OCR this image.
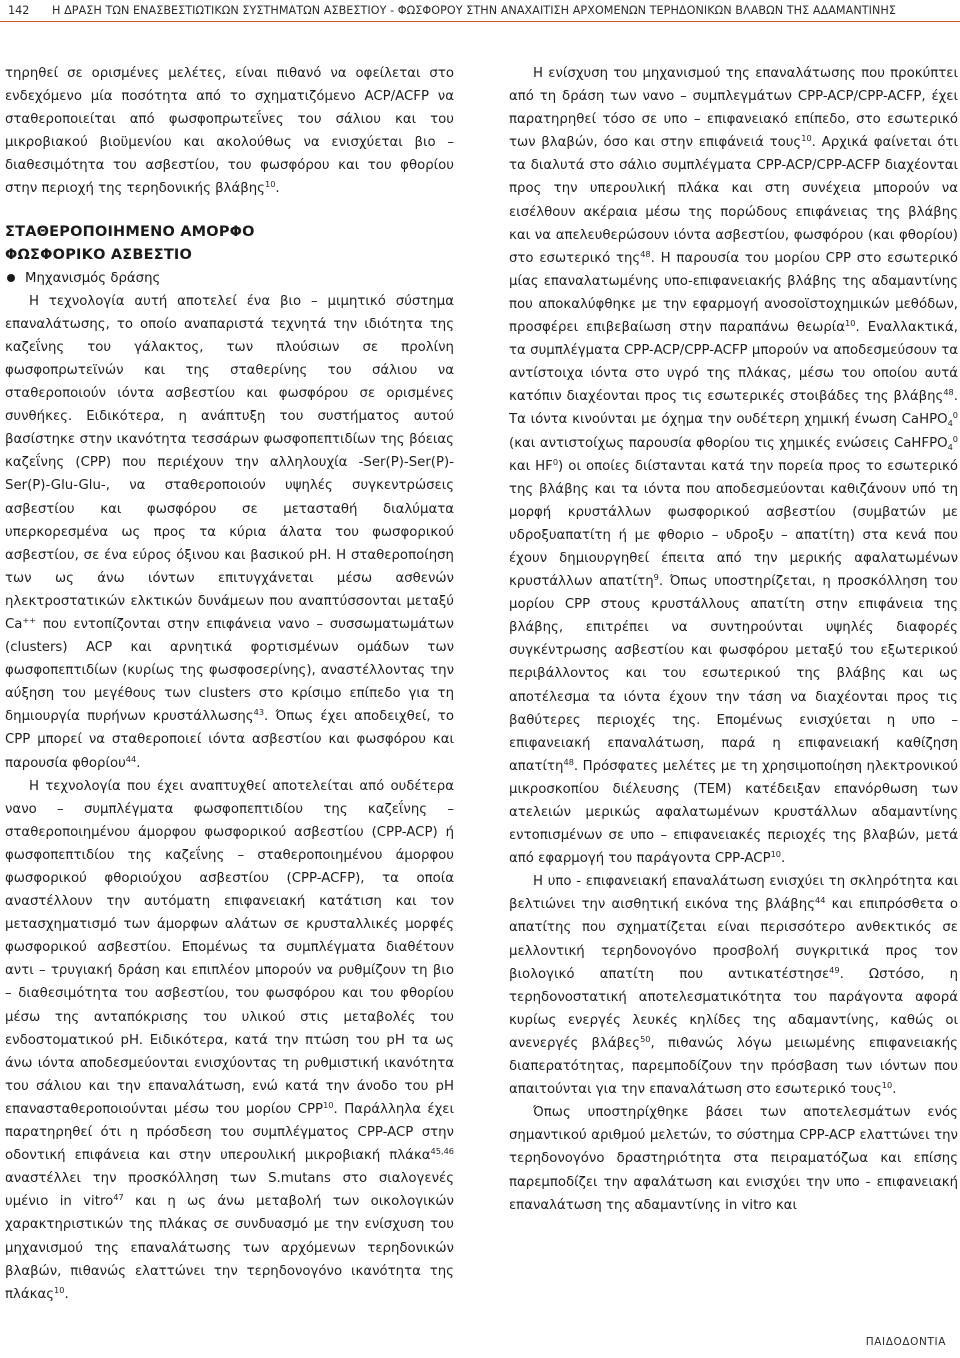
142	Η ΔΡΑΣΗ ΤΩΝ ΕΝΑΣΒΕΣΤΙΩΤΙΚΩΝ ΣΥΣΤΗΜΑΤΩΝ ΑΣΒΕΣΤΙΟΥ - ΦΩΣΦΟΡΟΥ ΣΤΗΝ ΑΝΑΧΑΙΤΙΣΗ ΑΡΧΟΜΕΝΩΝ ΤΕΡΗΔΟΝΙΚΩΝ ΒΛΑΒΩΝ ΤΗΣ ΑΔΑΜΑΝΤΙΝΗΣ

τηρηθεί σε ορισμένες μελέτες, είναι πιθανό να οφείλεται στο ενδεχόμενο μία ποσότητα από το σχηματιζόμενο ACP/ACFP να σταθεροποιείται από φωσφοπρωτεΐνες του σάλιου και του μικροβιακού βιοϋμενίου και ακολούθως να ενισχύεται βιο – διαθεσιμότητα του ασβεστίου, του φωσφόρου και του φθορίου στην περιοχή της τερηδονικής βλάβης$^{10}$.

ΣΤΑΘΕΡΟΠΟΙΗΜΕΝΟ ΑΜΟΡΦΟ
ΦΩΣΦΟΡΙΚΟ ΑΣΒΕΣΤΙΟ
Μηχανισμός δράσης

Η τεχνολογία αυτή αποτελεί ένα βιο – μιμητικό σύστημα επαναλάτωσης, το οποίο αναπαριστά τεχνητά την ιδιότητα της καζεΐνης του γάλακτος, των πλούσιων σε προλίνη φωσφοπρωτεϊνών και της σταθερίνης του σάλιου να σταθεροποιούν ιόντα ασβεστίου και φωσφόρου σε ορισμένες συνθήκες. Ειδικότερα, η ανάπτυξη του συστήματος αυτού βασίστηκε στην ικανότητα τεσσάρων φωσφοπεπτιδίων της βόειας καζεΐνης (CPP) που περιέχουν την αλληλουχία -Ser(P)-Ser(P)-Ser(P)-Glu-Glu-, να σταθεροποιούν υψηλές συγκεντρώσεις ασβεστίου και φωσφόρου σε μετασταθή διαλύματα υπερκορεσμένα ως προς τα κύρια άλατα του φωσφορικού ασβεστίου, σε ένα εύρος όξινου και βασικού pH. Η σταθεροποίηση των ως άνω ιόντων επιτυγχάνεται μέσω ασθενών ηλεκτροστατικών ελκτικών δυνάμεων που αναπτύσσονται μεταξύ Ca++ που εντοπίζονται στην επιφάνεια νανο – συσσωματωμάτων (clusters) ACP και αρνητικά φορτισμένων ομάδων των φωσφοπεπτιδίων (κυρίως της φωσφοσερίνης), αναστέλλοντας την αύξηση του μεγέθους των clusters στο κρίσιμο επίπεδο για τη δημιουργία πυρήνων κρυστάλλωσης$^{43}$. Όπως έχει αποδειχθεί, το CPP μπορεί να σταθεροποιεί ιόντα ασβεστίου και φωσφόρου και παρουσία φθορίου$^{44}$.

Η τεχνολογία που έχει αναπτυχθεί αποτελείται από ουδέτερα νανο – συμπλέγματα φωσφοπεπτιδίου της καζεΐνης – σταθεροποιημένου άμορφου φωσφορικού ασβεστίου (CPP-ACP) ή φωσφοπεπτιδίου της καζεΐνης – σταθεροποιημένου άμορφου φωσφορικού φθοριούχου ασβεστίου (CPP-ACFP), τα οποία αναστέλλουν την αυτόματη επιφανειακή κατάτιση και τον μετασχηματισμό των άμορφων αλάτων σε κρυσταλλικές μορφές φωσφορικού ασβεστίου. Επομένως τα συμπλέγματα διαθέτουν αντι – τρυγιακή δράση και επιπλέον μπορούν να ρυθμίζουν τη βιο – διαθεσιμότητα του ασβεστίου, του φωσφόρου και του φθορίου μέσω της ανταπόκρισης του υλικού στις μεταβολές του ενδοστοματικού pH. Ειδικότερα, κατά την πτώση του pH τα ως άνω ιόντα αποδεσμεύονται ενισχύοντας τη ρυθμιστική ικανότητα του σάλιου και την επαναλάτωση, ενώ κατά την άνοδο του pH επανασταθεροποιούνται μέσω του μορίου CPP$^{10}$. Παράλληλα έχει παρατηρηθεί ότι η πρόσδεση του συμπλέγματος CPP-ACP στην οδοντική επιφάνεια και στην υπερουλική μικροβιακή πλάκα$^{45,46}$ αναστέλλει την προσκόλληση των S.mutans στο σιαλογενές υμένιο in vitro$^{47}$ και η ως άνω μεταβολή των οικολογικών χαρακτηριστικών της πλάκας σε συνδυασμό με την ενίσχυση του μηχανισμού της επαναλάτωσης των αρχόμενων τερηδονικών βλαβών, πιθανώς ελαττώνει την τερηδονογόνο ικανότητα της πλάκας$^{10}$.

Η ενίσχυση του μηχανισμού της επαναλάτωσης που προκύπτει από τη δράση των νανο – συμπλεγμάτων CPP-ACP/CPP-ACFP, έχει παρατηρηθεί τόσο σε υπο – επιφανειακό επίπεδο, στο εσωτερικό των βλαβών, όσο και στην επιφάνειά τους$^{10}$. Αρχικά φαίνεται ότι τα διαλυτά στο σάλιο συμπλέγματα CPP-ACP/CPP-ACFP διαχέονται προς την υπερουλική πλάκα και στη συνέχεια μπορούν να εισέλθουν ακέραια μέσω της πορώδους επιφάνειας της βλάβης και να απελευθερώσουν ιόντα ασβεστίου, φωσφόρου (και φθορίου) στο εσωτερικό της$^{48}$. Η παρουσία του μορίου CPP στο εσωτερικό μίας επαναλατωμένης υπο-επιφανειακής βλάβης της αδαμαντίνης που αποκαλύφθηκε με την εφαρμογή ανοσοϊστοχημικών μεθόδων, προσφέρει επιβεβαίωση στην παραπάνω θεωρία$^{10}$. Εναλλακτικά, τα συμπλέγματα CPP-ACP/CPP-ACFP μπορούν να αποδεσμεύσουν τα αντίστοιχα ιόντα στο υγρό της πλάκας, μέσω του οποίου αυτά κατόπιν διαχέονται προς τις εσωτερικές στοιβάδες της βλάβης$^{48}$. Τα ιόντα κινούνται με όχημα την ουδέτερη χημική ένωση CaHPO$_4^0$ (και αντιστοίχως παρουσία φθορίου τις χημικές ενώσεις CaHFPO$_4^0$ και $HF^0$) οι οποίες διίστανται κατά την πορεία προς το εσωτερικό της βλάβης και τα ιόντα που αποδεσμεύονται καθιζάνουν υπό τη μορφή κρυστάλλων φωσφορικού ασβεστίου (συμβατών με υδροξυαπατίτη ή με φθοριο – υδροξυ – απατίτη) στα κενά που έχουν δημιουργηθεί έπειτα από την μερικής αφαλατωμένων κρυστάλλων απατίτη$^9$. Όπως υποστηρίζεται, η προσκόλληση του μορίου CPP στους κρυστάλλους απατίτη στην επιφάνεια της βλάβης, επιτρέπει να συντηρούνται υψηλές διαφορές συγκέντρωσης ασβεστίου και φωσφόρου μεταξύ του εξωτερικού περιβάλλοντος και του εσωτερικού της βλάβης και ως αποτέλεσμα τα ιόντα έχουν την τάση να διαχέονται προς τις βαθύτερες περιοχές της. Επομένως ενισχύεται η υπο – επιφανειακή επαναλάτωση, παρά η επιφανειακή καθίζηση απατίτη$^{48}$. Πρόσφατες μελέτες με τη χρησιμοποίηση ηλεκτρονικού μικροσκοπίου διέλευσης (TEM) κατέδειξαν επανόρθωση των ατελειών μερικώς αφαλατωμένων κρυστάλλων αδαμαντίνης εντοπισμένων σε υπο – επιφανειακές περιοχές της βλαβών, μετά από εφαρμογή του παράγοντα CPP-ACP$^{10}$.

Η υπο - επιφανειακή επαναλάτωση ενισχύει τη σκληρότητα και βελτιώνει την αισθητική εικόνα της βλάβης$^{44}$ και επιπρόσθετα ο απατίτης που σχηματίζεται είναι περισσότερο ανθεκτικός σε μελλοντική τερηδονογόνο προσβολή συγκριτικά προς τον βιολογικό απατίτη που αντικατέστησε$^{49}$. Ωστόσο, η τερηδονοστατική αποτελεσματικότητα του παράγοντα αφορά κυρίως ενεργές λευκές κηλίδες της αδαμαντίνης, καθώς οι ανενεργές βλάβες$^{50}$, πιθανώς λόγω μειωμένης επιφανειακής διαπερατότητας, παρεμποδίζουν την πρόσβαση των ιόντων που απαιτούνται για την επαναλάτωση στο εσωτερικό τους$^{10}$.

Όπως υποστηρίχθηκε βάσει των αποτελεσμάτων ενός σημαντικού αριθμού μελετών, το σύστημα CPP-ACP ελαττώνει την τερηδονογόνο δραστηριότητα στα πειραματόζωα και επίσης παρεμποδίζει την αφαλάτωση και ενισχύει την υπο - επιφανειακή επαναλάτωση της αδαμαντίνης in vitro και

ΠΑΙΔΟΔΟΝΤΙΑ
